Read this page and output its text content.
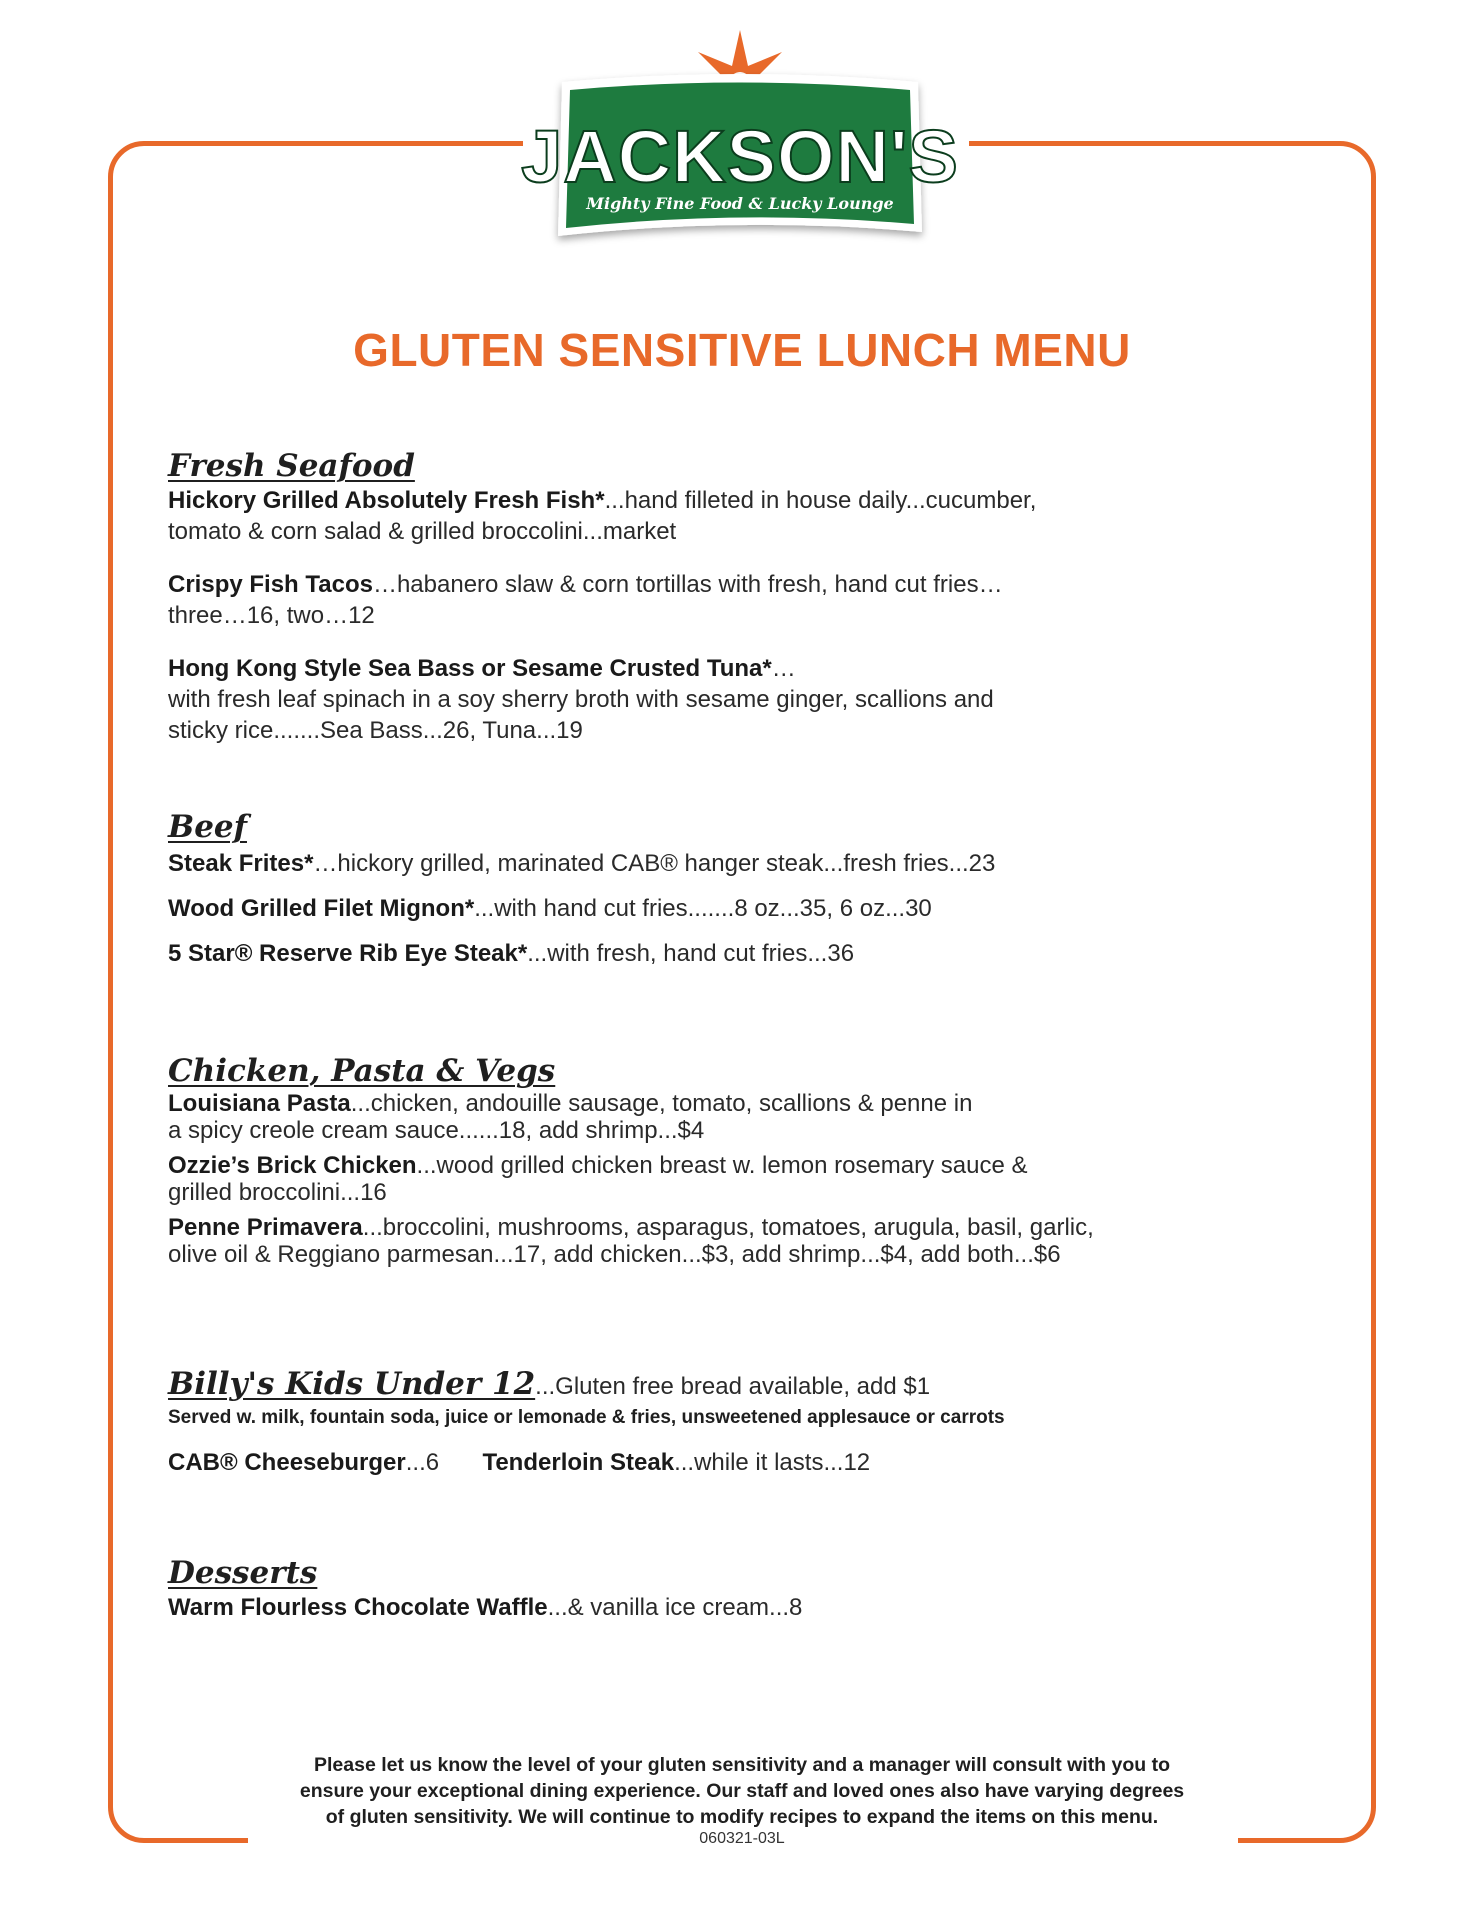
JACKSON'S
Mighty Fine Food & Lucky Lounge
GLUTEN SENSITIVE LUNCH MENU
Fresh Seafood
Hickory Grilled Absolutely Fresh Fish*...hand filleted in house daily...cucumber,
tomato & corn salad & grilled broccolini...market
Crispy Fish Tacos…habanero slaw & corn tortillas with fresh, hand cut fries…
three…16, two…12
Hong Kong Style Sea Bass or Sesame Crusted Tuna*…
with fresh leaf spinach in a soy sherry broth with sesame ginger, scallions and
sticky rice.......Sea Bass...26, Tuna...19
Beef
Steak Frites*…hickory grilled, marinated CAB® hanger steak...fresh fries...23
Wood Grilled Filet Mignon*...with hand cut fries.......8 oz...35, 6 oz...30
5 Star® Reserve Rib Eye Steak*...with fresh, hand cut fries...36
Chicken, Pasta & Vegs
Louisiana Pasta...chicken, andouille sausage, tomato, scallions & penne in
a spicy creole cream sauce......18, add shrimp...$4
Ozzie’s Brick Chicken...wood grilled chicken breast w. lemon rosemary sauce &
grilled broccolini...16
Penne Primavera...broccolini, mushrooms, asparagus, tomatoes, arugula, basil, garlic,
olive oil & Reggiano parmesan...17, add chicken...$3, add shrimp...$4, add both...$6
Billy's Kids Under 12...Gluten free bread available, add $1
Served w. milk, fountain soda, juice or lemonade & fries, unsweetened applesauce or carrots
CAB® Cheeseburger...6 Tenderloin Steak...while it lasts...12
Desserts
Warm Flourless Chocolate Waffle...& vanilla ice cream...8
Please let us know the level of your gluten sensitivity and a manager will consult with you to
ensure your exceptional dining experience. Our staff and loved ones also have varying degrees
of gluten sensitivity. We will continue to modify recipes to expand the items on this menu.
060321-03L
